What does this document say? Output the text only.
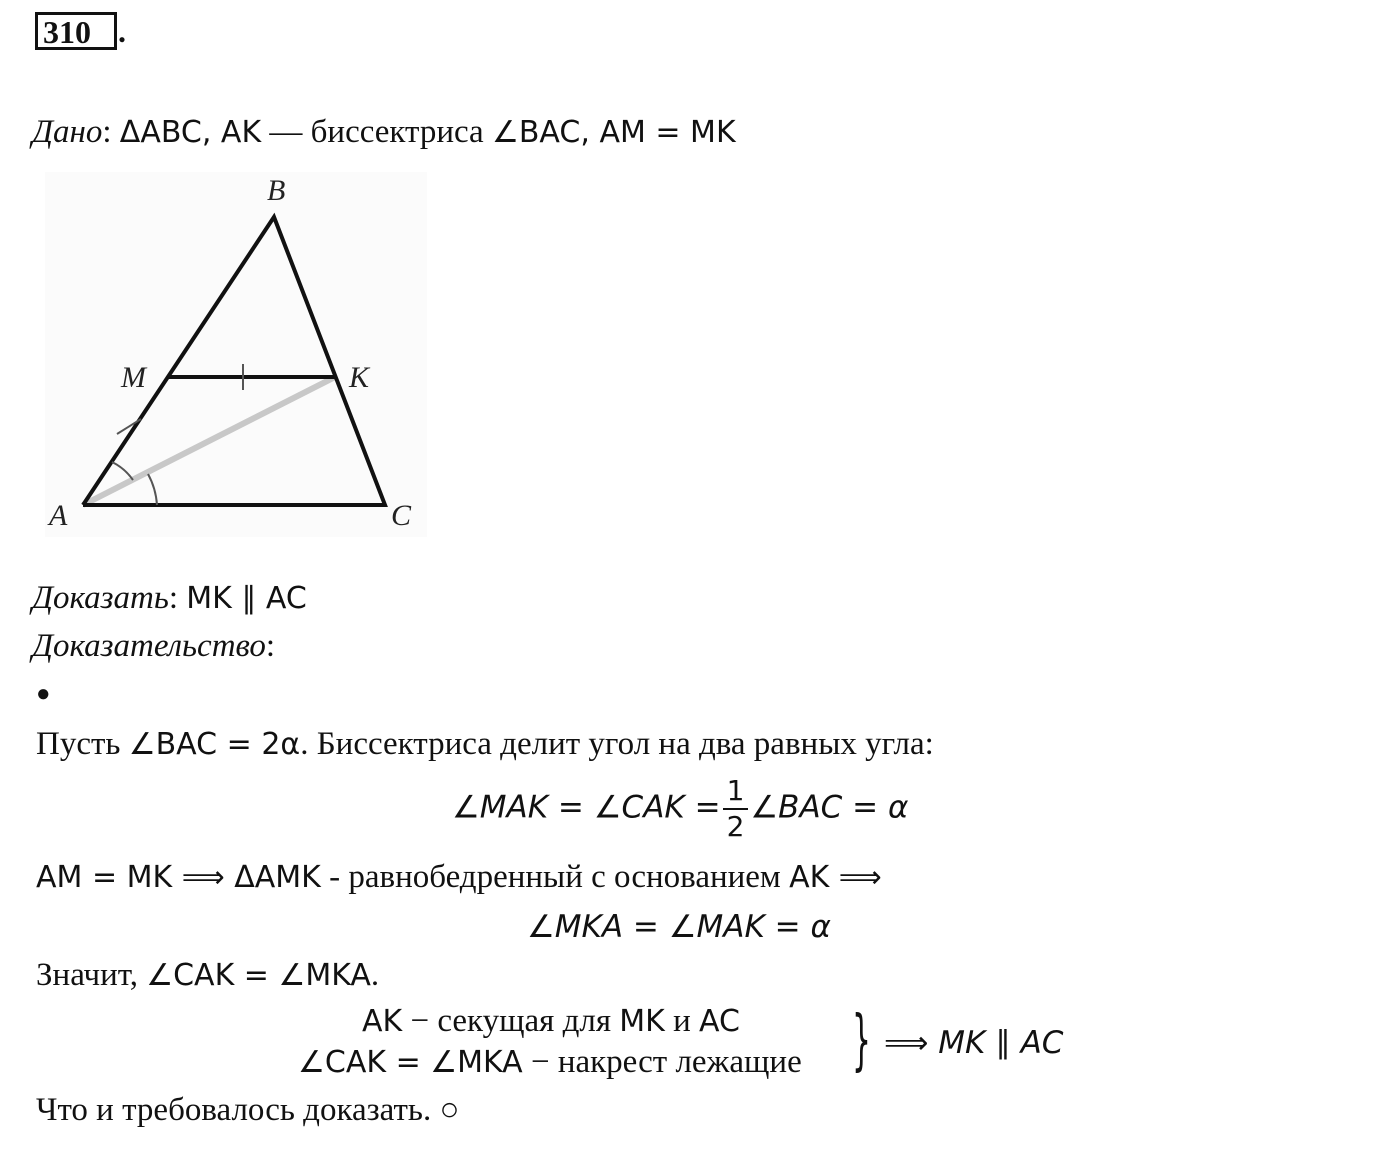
310 .
Дано: ΔABC, AK — биссектриса ∠BAC, AM = MK
B
M	K
A	C
Доказать: MK ∥ AC
Доказательство:
●
Пусть ∠BAC = 2α. Биссектриса делит угол на два равных угла:
∠MAK = ∠CAK = $\frac{1}{2}$ ∠BAC = α
AM = MK ⟹ ΔAMK - равнобедренный с основанием AK ⟹
∠MKA = ∠MAK = α
Значит, ∠CAK = ∠MKA.
AK − секущая для MK и AC
∠CAK = ∠MKA − накрест лежащие } ⟹ MK ∥ AC
Что и требовалось доказать. ○
